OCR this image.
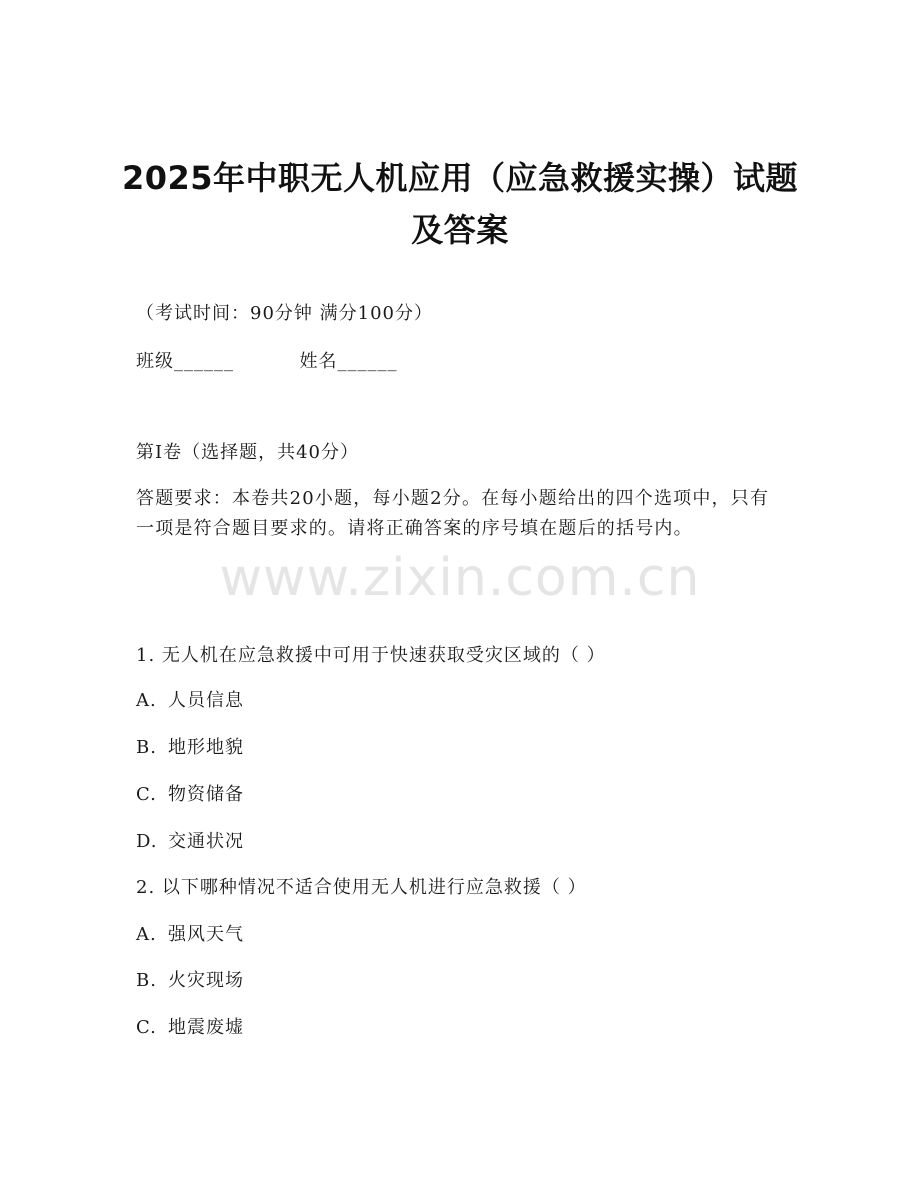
2025年中职无人机应用（应急救援实操）试题及答案
（考试时间：90分钟 满分100分）
班级______	姓名______
第I卷（选择题，共40分）
答题要求：本卷共20小题，每小题2分。在每小题给出的四个选项中，只有一项是符合题目要求的。请将正确答案的序号填在题后的括号内。
www.zixin.com.cn
1. 无人机在应急救援中可用于快速获取受灾区域的（ ）
A. 人员信息
B. 地形地貌
C. 物资储备
D. 交通状况
2. 以下哪种情况不适合使用无人机进行应急救援（ ）
A. 强风天气
B. 火灾现场
C. 地震废墟
